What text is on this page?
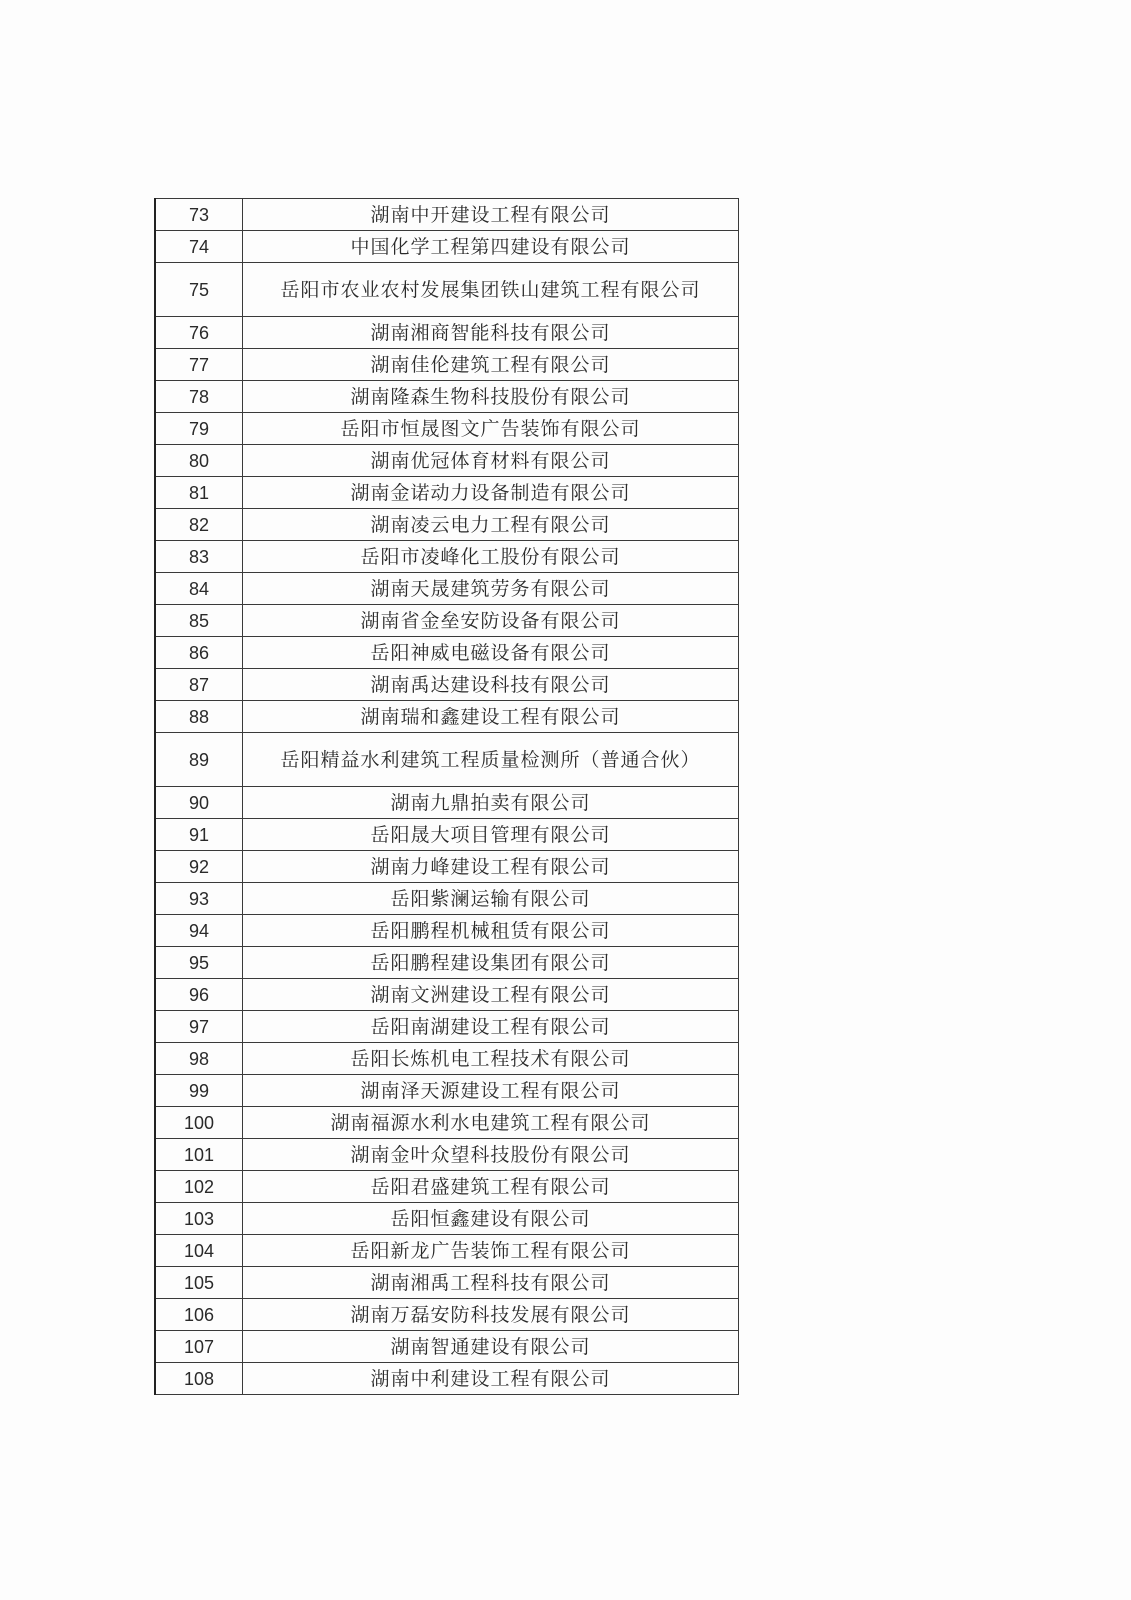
73	湖南中开建设工程有限公司
74	中国化学工程第四建设有限公司
75	岳阳市农业农村发展集团铁山建筑工程有限公司
76	湖南湘商智能科技有限公司
77	湖南佳伦建筑工程有限公司
78	湖南隆森生物科技股份有限公司
79	岳阳市恒晟图文广告装饰有限公司
80	湖南优冠体育材料有限公司
81	湖南金诺动力设备制造有限公司
82	湖南凌云电力工程有限公司
83	岳阳市凌峰化工股份有限公司
84	湖南天晟建筑劳务有限公司
85	湖南省金垒安防设备有限公司
86	岳阳神威电磁设备有限公司
87	湖南禹达建设科技有限公司
88	湖南瑞和鑫建设工程有限公司
89	岳阳精益水利建筑工程质量检测所（普通合伙）
90	湖南九鼎拍卖有限公司
91	岳阳晟大项目管理有限公司
92	湖南力峰建设工程有限公司
93	岳阳紫澜运输有限公司
94	岳阳鹏程机械租赁有限公司
95	岳阳鹏程建设集团有限公司
96	湖南文洲建设工程有限公司
97	岳阳南湖建设工程有限公司
98	岳阳长炼机电工程技术有限公司
99	湖南泽天源建设工程有限公司
100	湖南福源水利水电建筑工程有限公司
101	湖南金叶众望科技股份有限公司
102	岳阳君盛建筑工程有限公司
103	岳阳恒鑫建设有限公司
104	岳阳新龙广告装饰工程有限公司
105	湖南湘禹工程科技有限公司
106	湖南万磊安防科技发展有限公司
107	湖南智通建设有限公司
108	湖南中利建设工程有限公司
